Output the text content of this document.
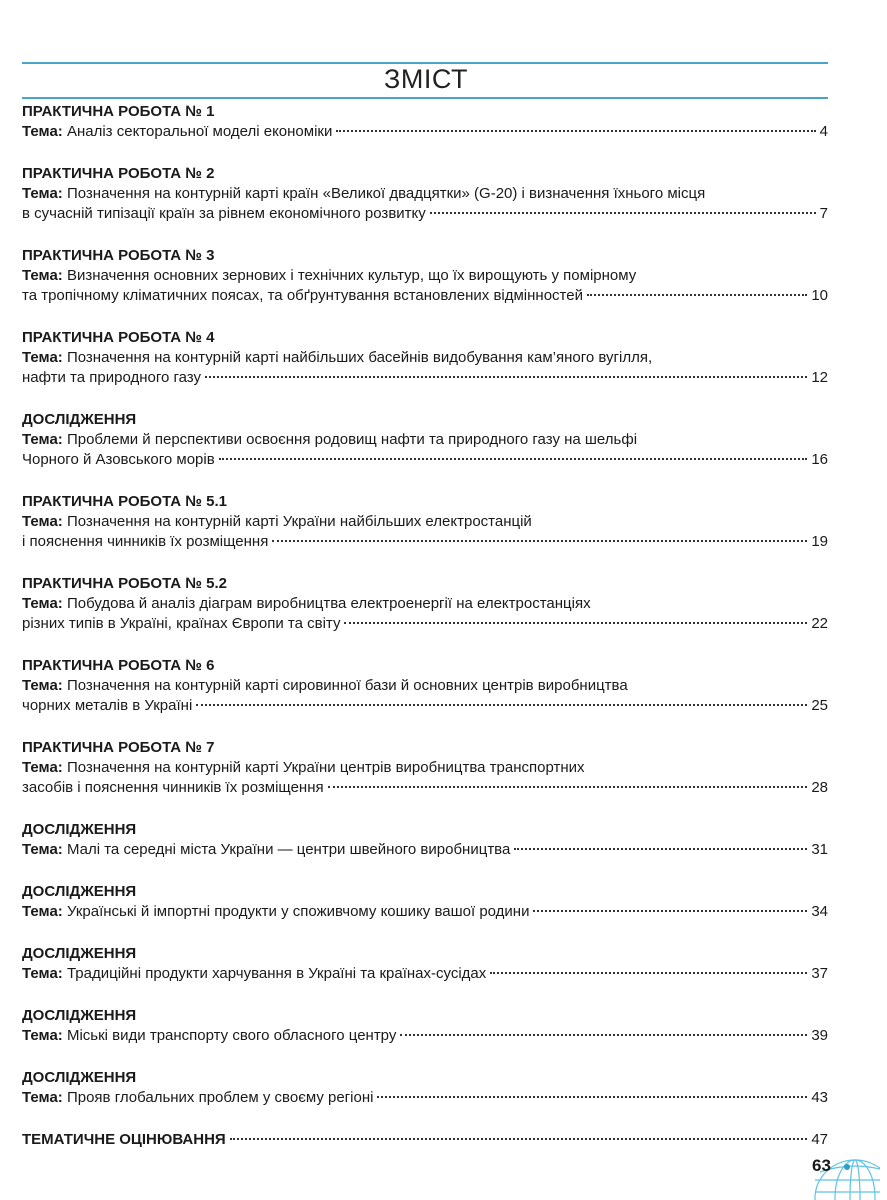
ЗМІСТ
ПРАКТИЧНА РОБОТА № 1
Тема: Аналіз секторальної моделі економіки	4
ПРАКТИЧНА РОБОТА № 2
Тема: Позначення на контурній карті країн «Великої двадцятки» (G-20) і визначення їхнього місця
в сучасній типізації країн за рівнем економічного розвитку	7
ПРАКТИЧНА РОБОТА № 3
Тема: Визначення основних зернових і технічних культур, що їх вирощують у помірному
та тропічному кліматичних поясах, та обґрунтування встановлених відмінностей	10
ПРАКТИЧНА РОБОТА № 4
Тема: Позначення на контурній карті найбільших басейнів видобування кам’яного вугілля,
нафти та природного газу	12
ДОСЛІДЖЕННЯ
Тема: Проблеми й перспективи освоєння родовищ нафти та природного газу на шельфі
Чорного й Азовського морів	16
ПРАКТИЧНА РОБОТА № 5.1
Тема: Позначення на контурній карті України найбільших електростанцій
і пояснення чинників їх розміщення	19
ПРАКТИЧНА РОБОТА № 5.2
Тема: Побудова й аналіз діаграм виробництва електроенергії на електростанціях
різних типів в Україні, країнах Європи та світу	22
ПРАКТИЧНА РОБОТА № 6
Тема: Позначення на контурній карті сировинної бази й основних центрів виробництва
чорних металів в Україні	25
ПРАКТИЧНА РОБОТА № 7
Тема: Позначення на контурній карті України центрів виробництва транспортних
засобів і пояснення чинників їх розміщення	28
ДОСЛІДЖЕННЯ
Тема: Малі та середні міста України — центри швейного виробництва	31
ДОСЛІДЖЕННЯ
Тема: Українські й імпортні продукти у споживчому кошику вашої родини	34
ДОСЛІДЖЕННЯ
Тема: Традиційні продукти харчування в Україні та країнах-сусідах	37
ДОСЛІДЖЕННЯ
Тема: Міські види транспорту свого обласного центру	39
ДОСЛІДЖЕННЯ
Тема: Прояв глобальних проблем у своєму регіоні	43
ТЕМАТИЧНЕ ОЦІНЮВАННЯ	47
63
